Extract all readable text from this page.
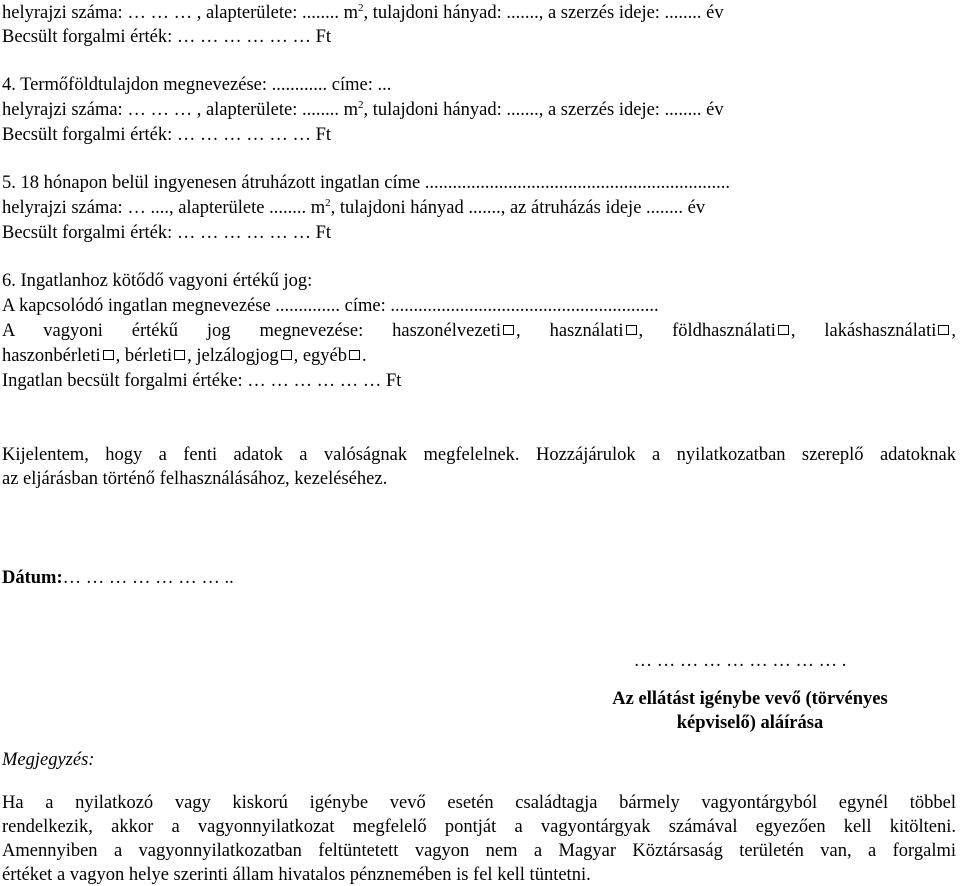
helyrajzi száma: … … … , alapterülete: ........ $m^2$, tulajdoni hányad: ......., a szerzés ideje: ........ év
Becsült forgalmi érték: … … … … … … Ft
4. Termőföldtulajdon megnevezése: ............ címe: ...
helyrajzi száma: … … … , alapterülete: ........ $m^2$, tulajdoni hányad: ......., a szerzés ideje: ........ év
Becsült forgalmi érték: … … … … … … Ft
5. 18 hónapon belül ingyenesen átruházott ingatlan címe ..................................................................
helyrajzi száma: … ...., alapterülete ........ $m^2$, tulajdoni hányad ......., az átruházás ideje ........ év
Becsült forgalmi érték: … … … … … … Ft
6. Ingatlanhoz kötődő vagyoni értékű jog:
A kapcsolódó ingatlan megnevezése .............. címe: ..........................................................
A vagyoni értékű jog megnevezése: haszonélvezeti , használati , földhasználati , lakáshasználati ,
haszonbérleti , bérleti , jelzálogjog , egyéb .
Ingatlan becsült forgalmi értéke: … … … … … … Ft
Kijelentem, hogy a fenti adatok a valóságnak megfelelnek. Hozzájárulok a nyilatkozatban szereplő adatoknak
az eljárásban történő felhasználásához, kezeléséhez.
Dátum:… … … … … … … ..
… … … … … … … … … .
Az ellátást igénybe vevő (törvényes
képviselő) aláírása
Megjegyzés:
Ha a nyilatkozó vagy kiskorú igénybe vevő esetén családtagja bármely vagyontárgyból egynél többel
rendelkezik, akkor a vagyonnyilatkozat megfelelő pontját a vagyontárgyak számával egyezően kell kitölteni.
Amennyiben a vagyonnyilatkozatban feltüntetett vagyon nem a Magyar Köztársaság területén van, a forgalmi
értéket a vagyon helye szerinti állam hivatalos pénznemében is fel kell tüntetni.
